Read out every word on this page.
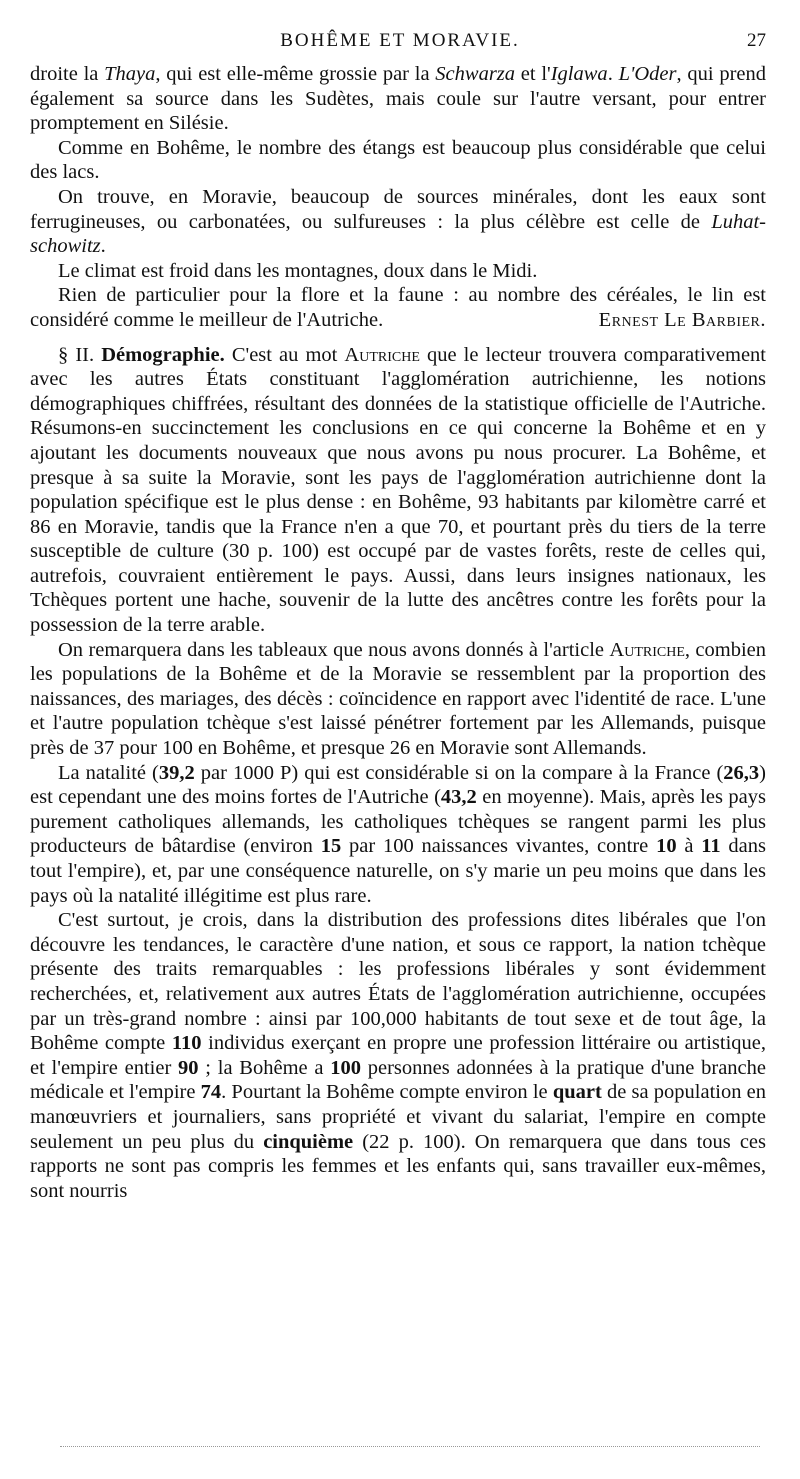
BOHÊME ET MORAVIE.	27

droite la Thaya, qui est elle-même grossie par la Schwarza et l'Iglawa. L'Oder, qui prend également sa source dans les Sudètes, mais coule sur l'autre versant, pour entrer promptement en Silésie.

Comme en Bohême, le nombre des étangs est beaucoup plus considérable que celui des lacs.

On trouve, en Moravie, beaucoup de sources minérales, dont les eaux sont ferrugineuses, ou carbonatées, ou sulfureuses : la plus célèbre est celle de Luhat-schowitz.

Le climat est froid dans les montagnes, doux dans le Midi.

Rien de particulier pour la flore et la faune : au nombre des céréales, le lin est considéré comme le meilleur de l'Autriche.	Ernest Le Barbier.

§ II. Démographie. C'est au mot Autriche que le lecteur trouvera comparativement avec les autres États constituant l'agglomération autrichienne, les notions démographiques chiffrées, résultant des données de la statistique officielle de l'Autriche. Résumons-en succinctement les conclusions en ce qui concerne la Bohême et en y ajoutant les documents nouveaux que nous avons pu nous procurer. La Bohême, et presque à sa suite la Moravie, sont les pays de l'agglomération autrichienne dont la population spécifique est le plus dense : en Bohême, 93 habitants par kilomètre carré et 86 en Moravie, tandis que la France n'en a que 70, et pourtant près du tiers de la terre susceptible de culture (30 p. 100) est occupé par de vastes forêts, reste de celles qui, autrefois, couvraient entièrement le pays. Aussi, dans leurs insignes nationaux, les Tchèques portent une hache, souvenir de la lutte des ancêtres contre les forêts pour la possession de la terre arable.

On remarquera dans les tableaux que nous avons donnés à l'article Autriche, combien les populations de la Bohême et de la Moravie se ressemblent par la proportion des naissances, des mariages, des décès : coïncidence en rapport avec l'identité de race. L'une et l'autre population tchèque s'est laissé pénétrer fortement par les Allemands, puisque près de 37 pour 100 en Bohême, et presque 26 en Moravie sont Allemands.

La natalité (39,2 par 1000 P) qui est considérable si on la compare à la France (26,3) est cependant une des moins fortes de l'Autriche (43,2 en moyenne). Mais, après les pays purement catholiques allemands, les catholiques tchèques se rangent parmi les plus producteurs de bâtardise (environ 15 par 100 naissances vivantes, contre 10 à 11 dans tout l'empire), et, par une conséquence naturelle, on s'y marie un peu moins que dans les pays où la natalité illégitime est plus rare.

C'est surtout, je crois, dans la distribution des professions dites libérales que l'on découvre les tendances, le caractère d'une nation, et sous ce rapport, la nation tchèque présente des traits remarquables : les professions libérales y sont évidemment recherchées, et, relativement aux autres États de l'agglomération autrichienne, occupées par un très-grand nombre : ainsi par 100,000 habitants de tout sexe et de tout âge, la Bohême compte 110 individus exerçant en propre une profession littéraire ou artistique, et l'empire entier 90 ; la Bohême a 100 personnes adonnées à la pratique d'une branche médicale et l'empire 74. Pourtant la Bohême compte environ le quart de sa population en manœuvriers et journaliers, sans propriété et vivant du salariat, l'empire en compte seulement un peu plus du cinquième (22 p. 100). On remarquera que dans tous ces rapports ne sont pas compris les femmes et les enfants qui, sans travailler eux-mêmes, sont nourris
